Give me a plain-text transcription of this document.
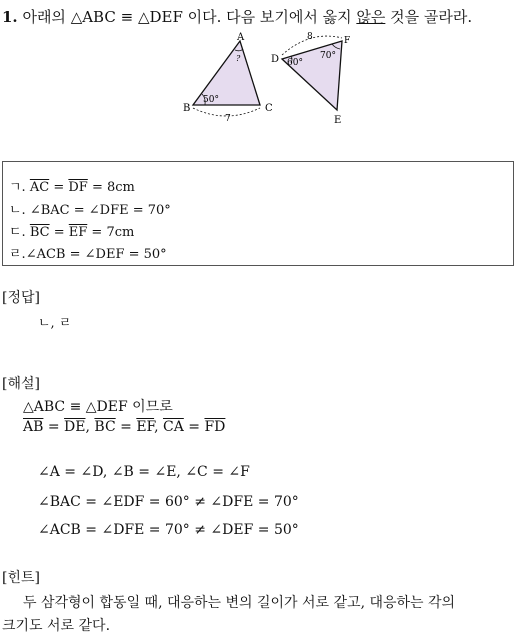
1. 아래의 △ABC ≡ △DEF 이다. 다음 보기에서 옳지 않은 것을 골라라.
A
B	C
?
50°
7
D
E
F
60°
70°
8
ㄱ. $\overline{AC} = \overline{DF} = 8cm$
ㄴ. ∠BAC = ∠DFE = 70°
ㄷ. $\overline{BC} = \overline{EF} = 7cm$
ㄹ.∠ACB = ∠DEF = 50°
[정답]
ㄴ, ㄹ
[해설]
△ABC ≡ △DEF 이므로
$\overline{AB} = \overline{DE}$, $\overline{BC} = \overline{EF}$, $\overline{CA} = \overline{FD}$
∠A = ∠D, ∠B = ∠E, ∠C = ∠F
∠BAC = ∠EDF = 60° ≠ ∠DFE = 70°
∠ACB = ∠DFE = 70° ≠ ∠DEF = 50°
[힌트]
두 삼각형이 합동일 때, 대응하는 변의 길이가 서로 같고, 대응하는 각의
크기도 서로 같다.
